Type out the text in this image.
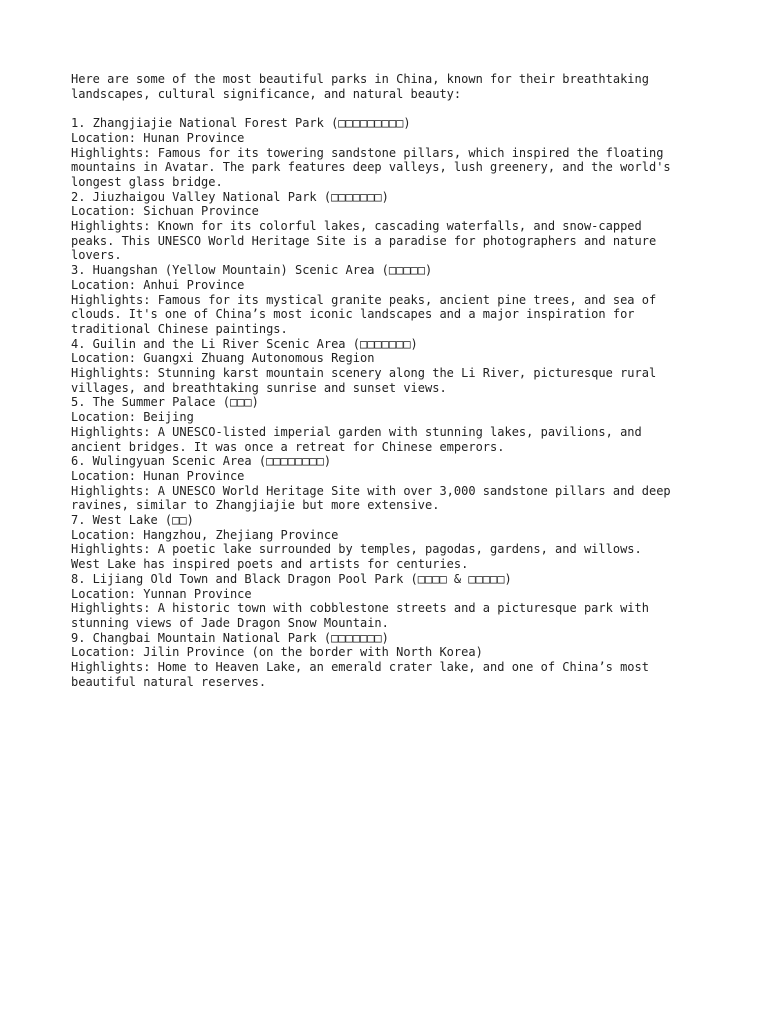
Here are some of the most beautiful parks in China, known for their breathtaking
landscapes, cultural significance, and natural beauty:
1. Zhangjiajie National Forest Park (□□□□□□□□□)
Location: Hunan Province
Highlights: Famous for its towering sandstone pillars, which inspired the floating
mountains in Avatar. The park features deep valleys, lush greenery, and the world's
longest glass bridge.
2. Jiuzhaigou Valley National Park (□□□□□□□)
Location: Sichuan Province
Highlights: Known for its colorful lakes, cascading waterfalls, and snow-capped
peaks. This UNESCO World Heritage Site is a paradise for photographers and nature
lovers.
3. Huangshan (Yellow Mountain) Scenic Area (□□□□□)
Location: Anhui Province
Highlights: Famous for its mystical granite peaks, ancient pine trees, and sea of
clouds. It's one of China’s most iconic landscapes and a major inspiration for
traditional Chinese paintings.
4. Guilin and the Li River Scenic Area (□□□□□□□)
Location: Guangxi Zhuang Autonomous Region
Highlights: Stunning karst mountain scenery along the Li River, picturesque rural
villages, and breathtaking sunrise and sunset views.
5. The Summer Palace (□□□)
Location: Beijing
Highlights: A UNESCO-listed imperial garden with stunning lakes, pavilions, and
ancient bridges. It was once a retreat for Chinese emperors.
6. Wulingyuan Scenic Area (□□□□□□□□)
Location: Hunan Province
Highlights: A UNESCO World Heritage Site with over 3,000 sandstone pillars and deep
ravines, similar to Zhangjiajie but more extensive.
7. West Lake (□□)
Location: Hangzhou, Zhejiang Province
Highlights: A poetic lake surrounded by temples, pagodas, gardens, and willows.
West Lake has inspired poets and artists for centuries.
8. Lijiang Old Town and Black Dragon Pool Park (□□□□ & □□□□□)
Location: Yunnan Province
Highlights: A historic town with cobblestone streets and a picturesque park with
stunning views of Jade Dragon Snow Mountain.
9. Changbai Mountain National Park (□□□□□□□)
Location: Jilin Province (on the border with North Korea)
Highlights: Home to Heaven Lake, an emerald crater lake, and one of China’s most
beautiful natural reserves.
